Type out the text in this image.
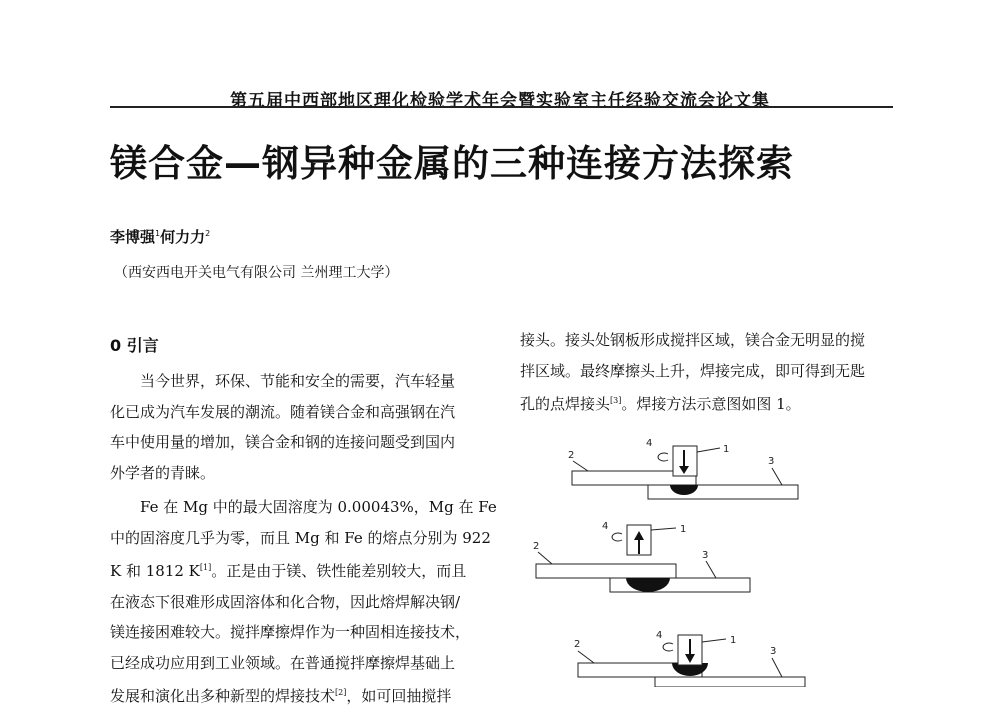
第五届中西部地区理化检验学术年会暨实验室主任经验交流会论文集
镁合金—钢异种金属的三种连接方法探索
李博强$^1$何力力$^2$
（西安西电开关电气有限公司 兰州理工大学）
0 引言

　　当今世界，环保、节能和安全的需要，汽车轻量

化已成为汽车发展的潮流。随着镁合金和高强钢在汽

车中使用量的增加，镁合金和钢的连接问题受到国内

外学者的青睐。

　　Fe 在 Mg 中的最大固溶度为 0.00043%，Mg 在 Fe

中的固溶度几乎为零，而且 Mg 和 Fe 的熔点分别为 922

K 和 1812 K[1]。正是由于镁、铁性能差别较大，而且

在液态下很难形成固溶体和化合物，因此熔焊解决钢/

镁连接困难较大。搅拌摩擦焊作为一种固相连接技术，

已经成功应用到工业领域。在普通搅拌摩擦焊基础上

发展和演化出多种新型的焊接技术[2]，如可回抽搅拌

接头。接头处钢板形成搅拌区域，镁合金无明显的搅

拌区域。最终摩擦头上升，焊接完成，即可得到无匙

孔的点焊接头[3]。焊接方法示意图如图 1。

1
2
3
4
1
2
3
4
1
2
3
4
